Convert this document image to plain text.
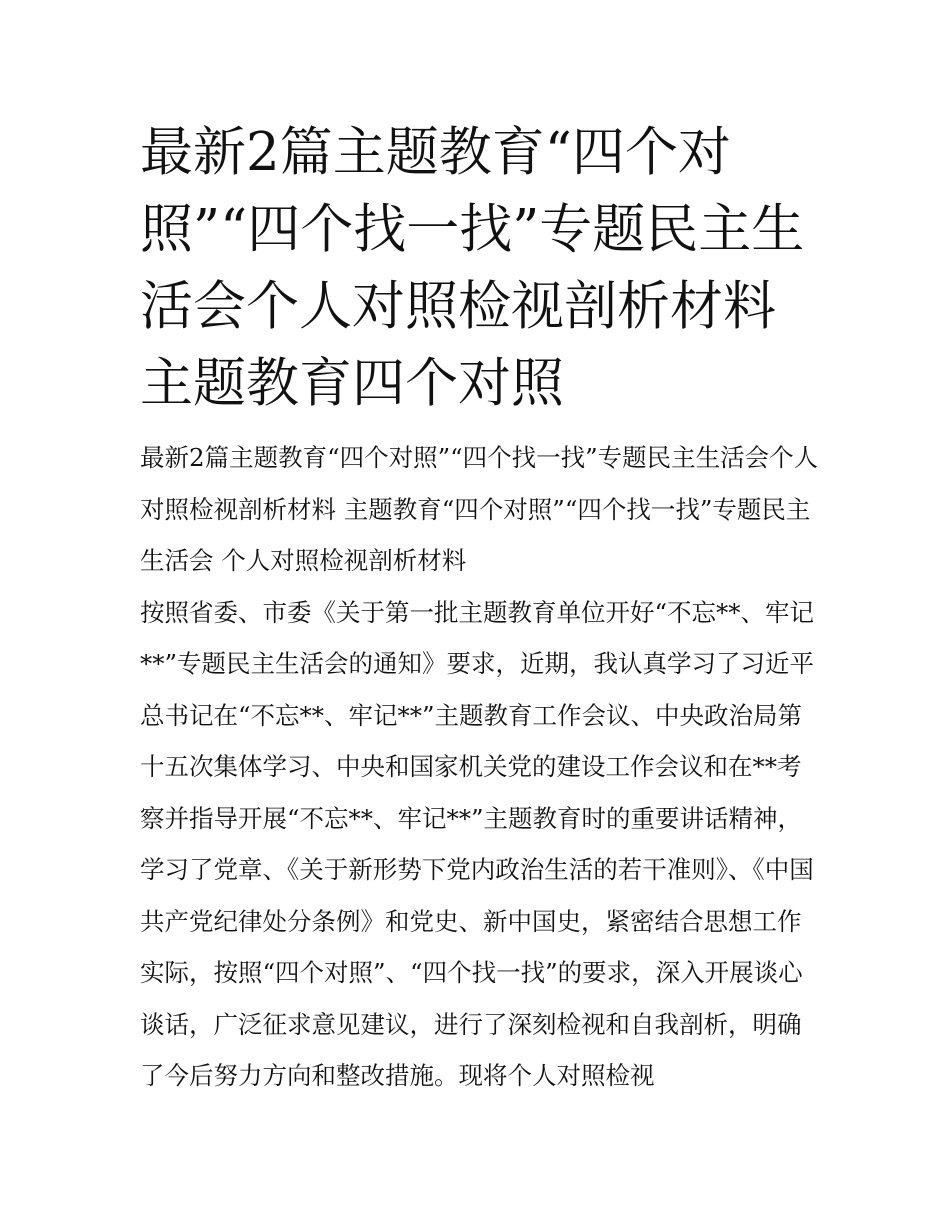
最新2篇主题教育“四个对照”“四个找一找”专题民主生活会个人对照检视剖析材料 主题教育四个对照

最新2篇主题教育“四个对照”“四个找一找”专题民主生活会个人对照检视剖析材料 主题教育“四个对照”“四个找一找”专题民主生活会 个人对照检视剖析材料

按照省委、市委《关于第一批主题教育单位开好“不忘**、牢记**”专题民主生活会的通知》要求，近期，我认真学习了习近平总书记在“不忘**、牢记**”主题教育工作会议、中央政治局第十五次集体学习、中央和国家机关党的建设工作会议和在**考察并指导开展“不忘**、牢记**”主题教育时的重要讲话精神，学习了党章、《关于新形势下党内政治生活的若干准则》、《中国共产党纪律处分条例》和党史、新中国史，紧密结合思想工作实际，按照“四个对照”、“四个找一找”的要求，深入开展谈心谈话，广泛征求意见建议，进行了深刻检视和自我剖析，明确了今后努力方向和整改措施。现将个人对照检视
